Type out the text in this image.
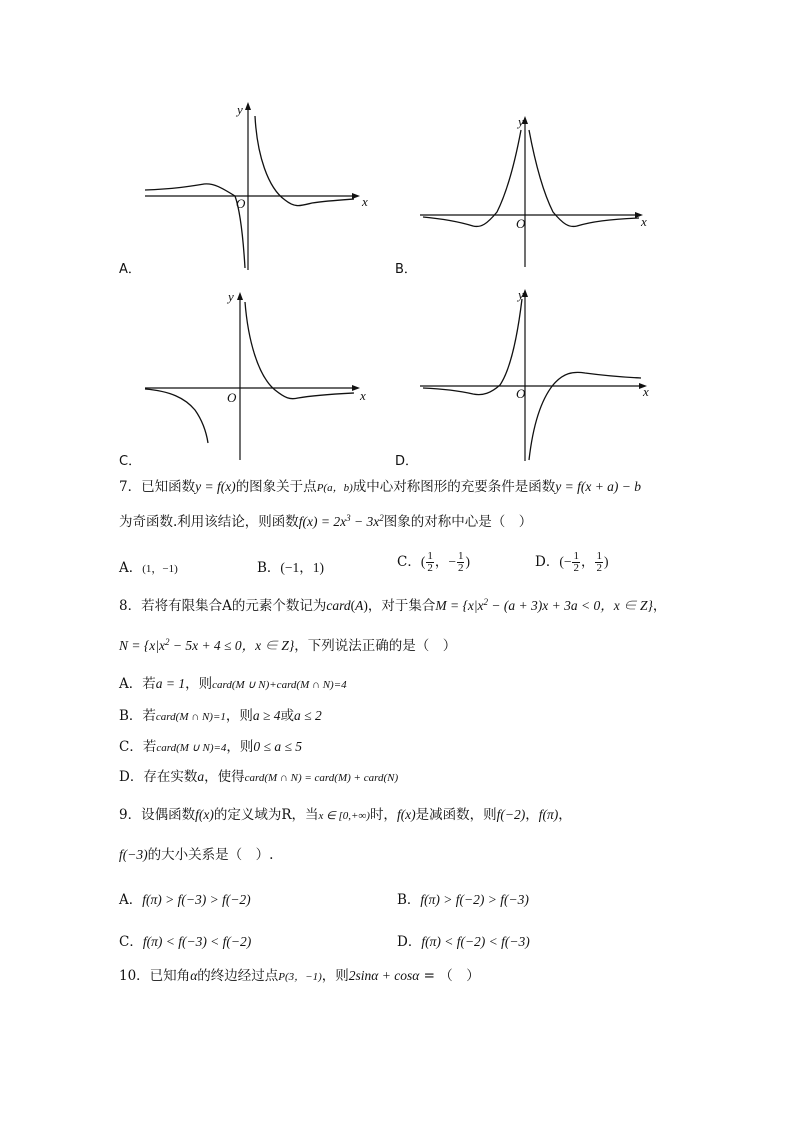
y
x
O
A．
y
x
O
B．
y
x
O
C．
y
x
O
D．
7．已知函数y = f(x)的图象关于点P(a，b)成中心对称图形的充要条件是函数y = f(x + a) − b
为奇函数.利用该结论，则函数$f(x) = 2x^3 - 3x^2$图象的对称中心是（　）
A．(1，−1)	B．(−1，1)	C．( $\frac{1}{2}$ ，− $\frac{1}{2}$ )	D．(− $\frac{1}{2}$ ， $\frac{1}{2}$ )
8．若将有限集合A的元素个数记为card(A)，对于集合$M = \{x|x^2 - (a + 3)x + 3a < 0$，x ∈ Z}，
$N = \{x|x^2 - 5x + 4 \le 0$，x ∈ Z}，下列说法正确的是（　）
A．若a = 1，则card(M ∪ N)+card(M ∩ N)=4
B．若card(M ∩ N)=1，则a ≥ 4或a ≤ 2
C．若card(M ∪ N)=4，则0 ≤ a ≤ 5
D．存在实数a，使得card(M ∩ N) = card(M) + card(N)
9．设偶函数f(x)的定义域为R，当x ∈ [0,+∞)时，f(x)是减函数，则f(−2)，f(π)，
f(−3)的大小关系是（　）.
A．f(π) > f(−3) > f(−2)	B．f(π) > f(−2) > f(−3)
C．f(π) < f(−3) < f(−2)	D．f(π) < f(−2) < f(−3)
10．已知角α的终边经过点P(3，−1)，则2sinα + cosα = （　）
